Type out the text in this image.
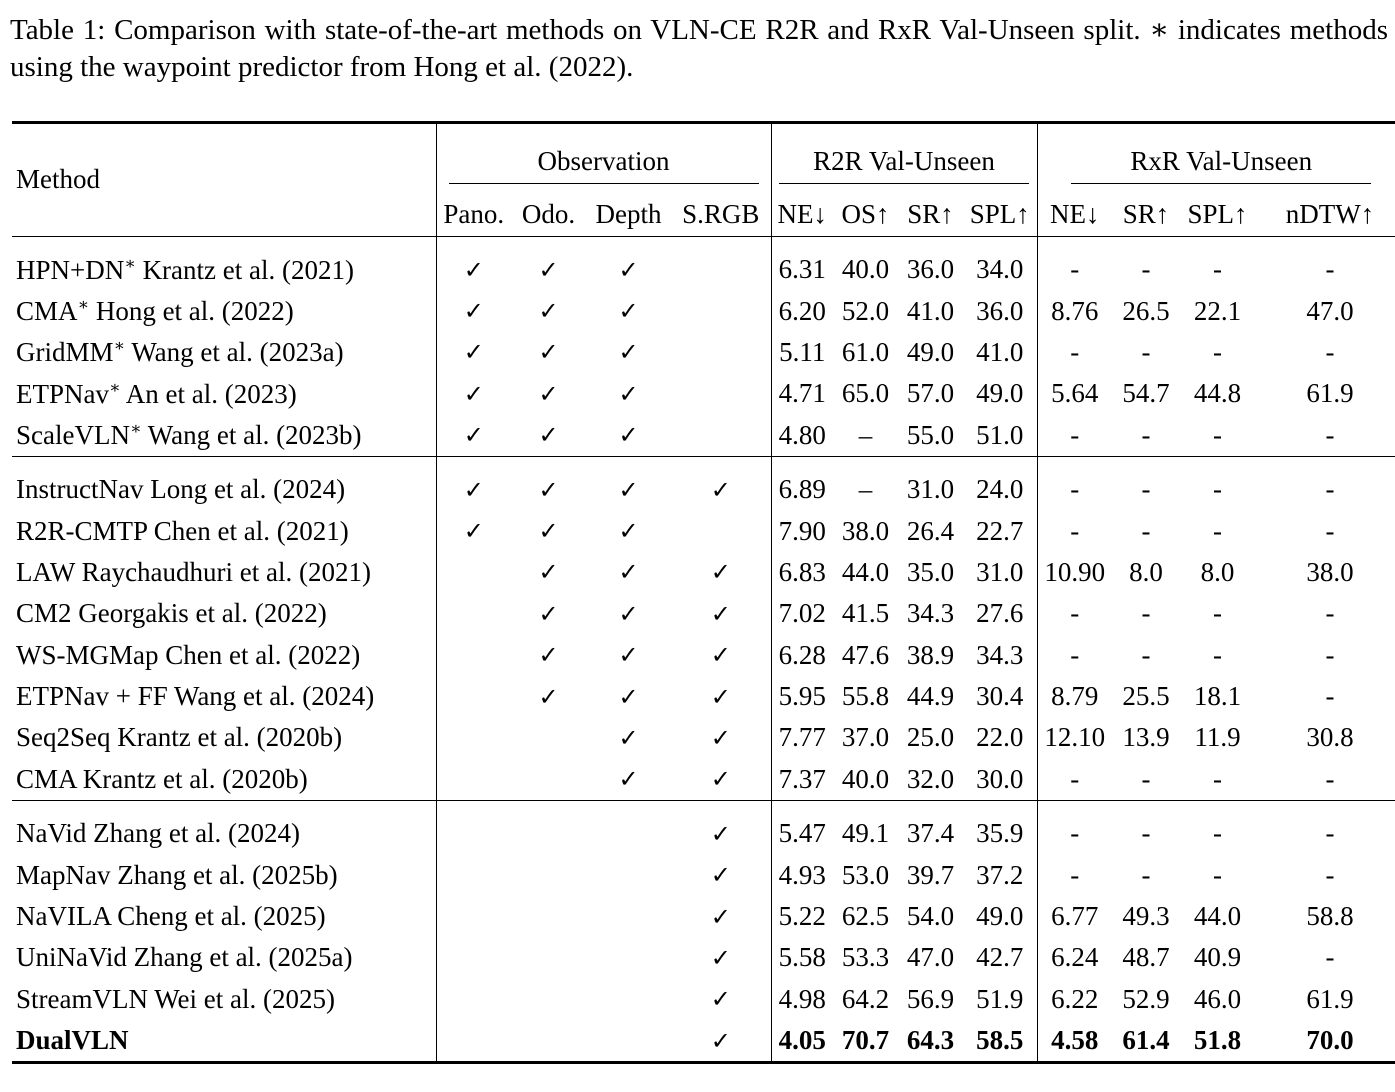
Table 1: Comparison with state-of-the-art methods on VLN-CE R2R and RxR Val-Unseen split. ∗ indicates methods using the waypoint predictor from Hong et al. (2022).
Method	Observation				R2R Val-Unseen				RxR Val-Unseen			
	Pano.	Odo.	Depth	S.RGB	NE↓	OS↑	SR↑	SPL↑	NE↓	SR↑	SPL↑	nDTW↑

HPN+DN∗ Krantz et al. (2021)	✓	✓	✓		6.31	40.0	36.0	34.0	-	-	-	-
CMA∗ Hong et al. (2022)	✓	✓	✓		6.20	52.0	41.0	36.0	8.76	26.5	22.1	47.0
GridMM∗ Wang et al. (2023a)	✓	✓	✓		5.11	61.0	49.0	41.0	-	-	-	-
ETPNav∗ An et al. (2023)	✓	✓	✓		4.71	65.0	57.0	49.0	5.64	54.7	44.8	61.9
ScaleVLN∗ Wang et al. (2023b)	✓	✓	✓		4.80	–	55.0	51.0	-	-	-	-

InstructNav Long et al. (2024)	✓	✓	✓	✓	6.89	–	31.0	24.0	-	-	-	-
R2R-CMTP Chen et al. (2021)	✓	✓	✓		7.90	38.0	26.4	22.7	-	-	-	-
LAW Raychaudhuri et al. (2021)		✓	✓	✓	6.83	44.0	35.0	31.0	10.90	8.0	8.0	38.0
CM2 Georgakis et al. (2022)		✓	✓	✓	7.02	41.5	34.3	27.6	-	-	-	-
WS-MGMap Chen et al. (2022)		✓	✓	✓	6.28	47.6	38.9	34.3	-	-	-	-
ETPNav + FF Wang et al. (2024)		✓	✓	✓	5.95	55.8	44.9	30.4	8.79	25.5	18.1	-
Seq2Seq Krantz et al. (2020b)			✓	✓	7.77	37.0	25.0	22.0	12.10	13.9	11.9	30.8
CMA Krantz et al. (2020b)			✓	✓	7.37	40.0	32.0	30.0	-	-	-	-

NaVid Zhang et al. (2024)				✓	5.47	49.1	37.4	35.9	-	-	-	-
MapNav Zhang et al. (2025b)				✓	4.93	53.0	39.7	37.2	-	-	-	-
NaVILA Cheng et al. (2025)				✓	5.22	62.5	54.0	49.0	6.77	49.3	44.0	58.8
UniNaVid Zhang et al. (2025a)				✓	5.58	53.3	47.0	42.7	6.24	48.7	40.9	-
StreamVLN Wei et al. (2025)				✓	4.98	64.2	56.9	51.9	6.22	52.9	46.0	61.9
DualVLN				✓	4.05	70.7	64.3	58.5	4.58	61.4	51.8	70.0
